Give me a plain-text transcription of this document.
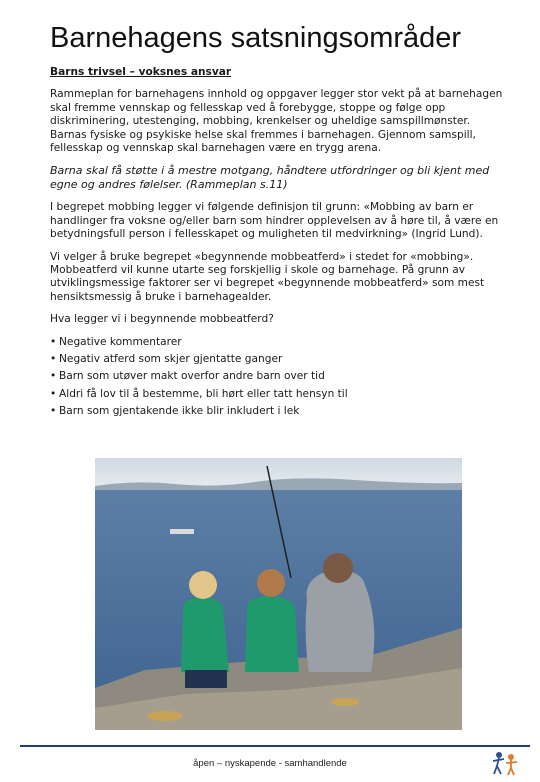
Barnehagens satsningsområder

Barns trivsel – voksnes ansvar

Rammeplan for barnehagens innhold og oppgaver legger stor vekt på at barnehagen skal fremme vennskap og fellesskap ved å forebygge, stoppe og følge opp diskriminering, utestenging, mobbing, krenkelser og uheldige samspillmønster. Barnas fysiske og psykiske helse skal fremmes i barnehagen. Gjennom samspill, fellesskap og vennskap skal barnehagen være en trygg arena.

Barna skal få støtte i å mestre motgang, håndtere utfordringer og bli kjent med egne og andres følelser. (Rammeplan s.11)

I begrepet mobbing legger vi følgende definisjon til grunn: «Mobbing av barn er handlinger fra voksne og/eller barn som hindrer opplevelsen av å høre til, å være en betydningsfull person i fellesskapet og muligheten til medvirkning» (Ingrid Lund).

Vi velger å bruke begrepet «begynnende mobbeatferd» i stedet for «mobbing». Mobbeatferd vil kunne utarte seg forskjellig i skole og barnehage. På grunn av utviklingsmessige faktorer ser vi begrepet «begynnende mobbeatferd» som mest hensiktsmessig å bruke i barnehagealder.

Hva legger vi i begynnende mobbeatferd?

• Negative kommentarer
• Negativ atferd som skjer gjentatte ganger
• Barn som utøver makt overfor andre barn over tid
• Aldri få lov til å bestemme, bli hørt eller tatt hensyn til
• Barn som gjentakende ikke blir inkludert i lek
åpen – nyskapende - samhandlende
